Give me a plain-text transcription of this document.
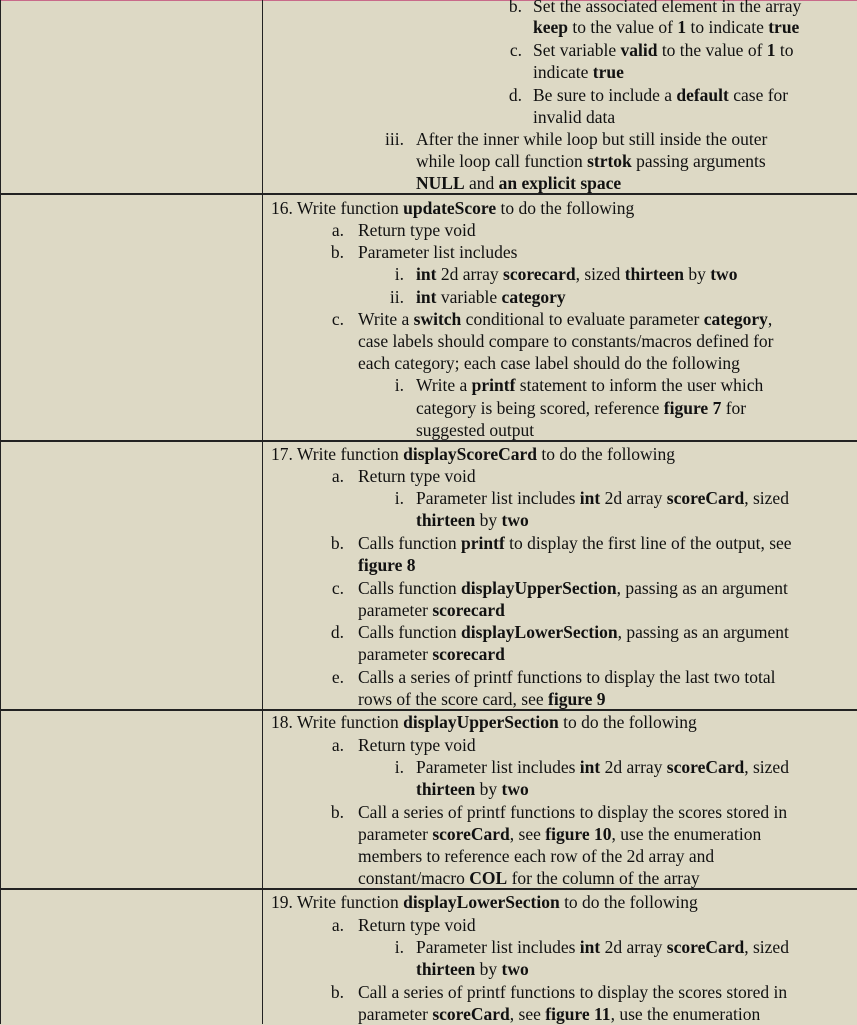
b. Set the associated element in the array
keep to the value of 1 to indicate true
c. Set variable valid to the value of 1 to
indicate true
d. Be sure to include a default case for
invalid data
iii. After the inner while loop but still inside the outer
while loop call function strtok passing arguments
NULL and an explicit space
16. Write function updateScore to do the following
a. Return type void
b. Parameter list includes
i. int 2d array scorecard, sized thirteen by two
ii. int variable category
c. Write a switch conditional to evaluate parameter category,
case labels should compare to constants/macros defined for
each category; each case label should do the following
i. Write a printf statement to inform the user which
category is being scored, reference figure 7 for
suggested output
17. Write function displayScoreCard to do the following
a. Return type void
i. Parameter list includes int 2d array scoreCard, sized
thirteen by two
b. Calls function printf to display the first line of the output, see
figure 8
c. Calls function displayUpperSection, passing as an argument
parameter scorecard
d. Calls function displayLowerSection, passing as an argument
parameter scorecard
e. Calls a series of printf functions to display the last two total
rows of the score card, see figure 9
18. Write function displayUpperSection to do the following
a. Return type void
i. Parameter list includes int 2d array scoreCard, sized
thirteen by two
b. Call a series of printf functions to display the scores stored in
parameter scoreCard, see figure 10, use the enumeration
members to reference each row of the 2d array and
constant/macro COL for the column of the array
19. Write function displayLowerSection to do the following
a. Return type void
i. Parameter list includes int 2d array scoreCard, sized
thirteen by two
b. Call a series of printf functions to display the scores stored in
parameter scoreCard, see figure 11, use the enumeration
